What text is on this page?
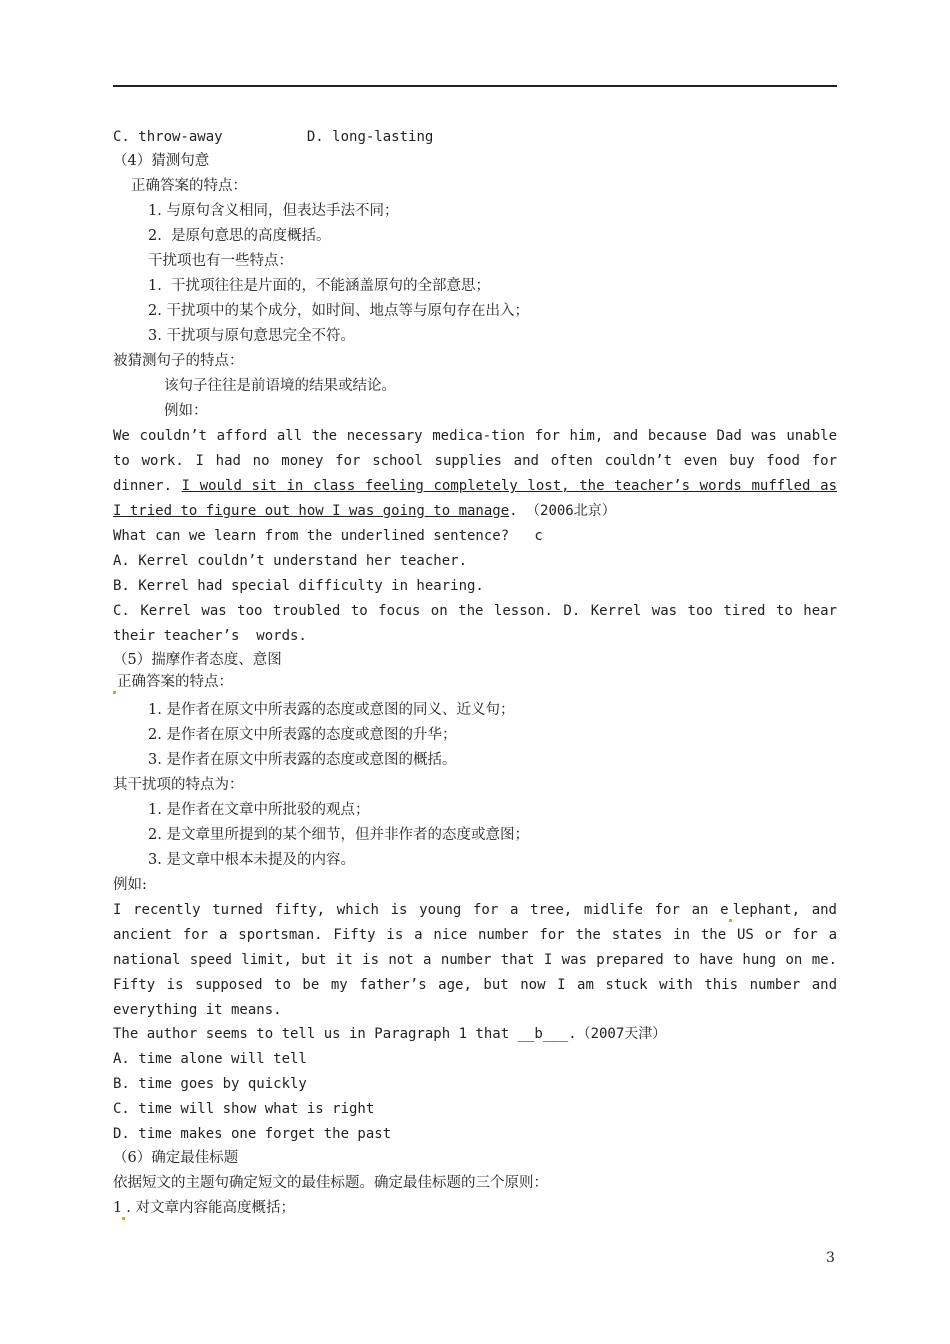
C. throw-away	D. long-lasting
（4）猜测句意
正确答案的特点：
1. 与原句含义相同，但表达手法不同；
2.  是原句意思的高度概括。
干扰项也有一些特点：
1.  干扰项往往是片面的，不能涵盖原句的全部意思；
2. 干扰项中的某个成分，如时间、地点等与原句存在出入；
3. 干扰项与原句意思完全不符。
被猜测句子的特点：
该句子往往是前语境的结果或结论。
例如：
We couldn’t afford all the necessary medica-tion for him, and because Dad was unable
to work. I had no money for school supplies and often couldn’t even buy food for
dinner. I would sit in class feeling completely lost, the teacher’s words muffled as
I tried to figure out how I was going to manage. （2006北京）
What can we learn from the underlined sentence?   c
A. Kerrel couldn’t understand her teacher.
B. Kerrel had special difficulty in hearing.
C. Kerrel was too troubled to focus on the lesson. D. Kerrel was too tired to hear
their teacher’s  words.
（5）揣摩作者态度、意图
正确答案的特点：
1. 是作者在原文中所表露的态度或意图的同义、近义句；
2. 是作者在原文中所表露的态度或意图的升华；
3. 是作者在原文中所表露的态度或意图的概括。
其干扰项的特点为：
1. 是作者在文章中所批驳的观点；
2. 是文章里所提到的某个细节，但并非作者的态度或意图；
3. 是文章中根本未提及的内容。
例如:
I recently turned fifty, which is young for a tree, midlife for an e lephant, and
ancient for a sportsman. Fifty is a nice number for the states in the US or for a
national speed limit, but it is not a number that I was prepared to have hung on me.
Fifty is supposed to be my father’s age, but now I am stuck with this number and
everything it means.
The author seems to tell us in Paragraph 1 that __b___.（2007天津）
A. time alone will tell
B. time goes by quickly
C. time will show what is right
D. time makes one forget the past
（6）确定最佳标题
依据短文的主题句确定短文的最佳标题。确定最佳标题的三个原则：
1 . 对文章内容能高度概括；
3
